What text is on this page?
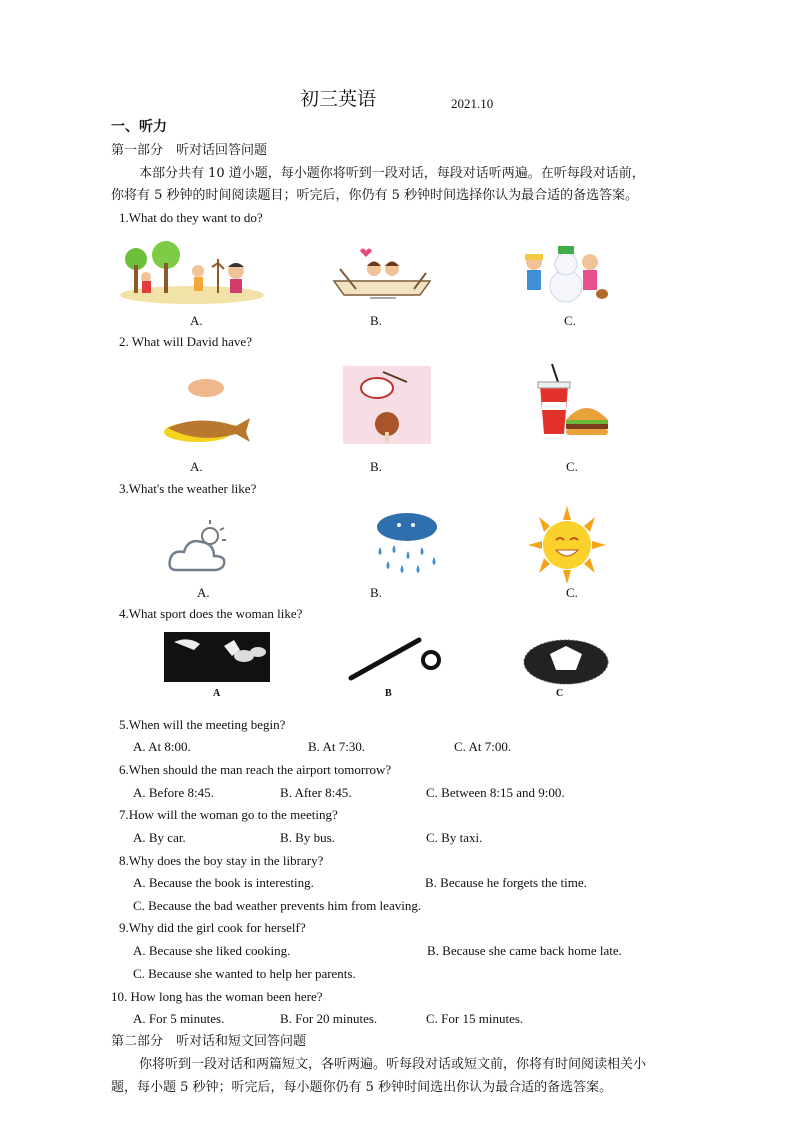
初三英语	2021.10
一、听力
第一部分　听对话回答问题
本部分共有 10 道小题，每小题你将听到一段对话，每段对话听两遍。在听每段对话前，
你将有 5 秒钟的时间阅读题目；听完后，你仍有 5 秒钟时间选择你认为最合适的备选答案。
1.What do they want to do?
A.	B.	C.
2. What will David have?
A.	B.	C.
3.What's the weather like?
A.	B.	C.
4.What sport does the woman like?
A	B	C
5.When will the meeting begin?
A. At 8:00.	B. At 7:30.	C. At 7:00.
6.When should the man reach the airport tomorrow?
A. Before 8:45.	B. After 8:45.	C. Between 8:15 and 9:00.
7.How will the woman go to the meeting?
A. By car.	B. By bus.	C. By taxi.
8.Why does the boy stay in the library?
A. Because the book is interesting.	B. Because he forgets the time.
C. Because the bad weather prevents him from leaving.
9.Why did the girl cook for herself?
A. Because she liked cooking.	B. Because she came back home late.
C. Because she wanted to help her parents.
10. How long has the woman been here?
A. For 5 minutes.	B. For 20 minutes.	C. For 15 minutes.
第二部分　听对话和短文回答问题
你将听到一段对话和两篇短文，各听两遍。听每段对话或短文前，你将有时间阅读相关小
题，每小题 5 秒钟；听完后，每小题你仍有 5 秒钟时间选出你认为最合适的备选答案。
